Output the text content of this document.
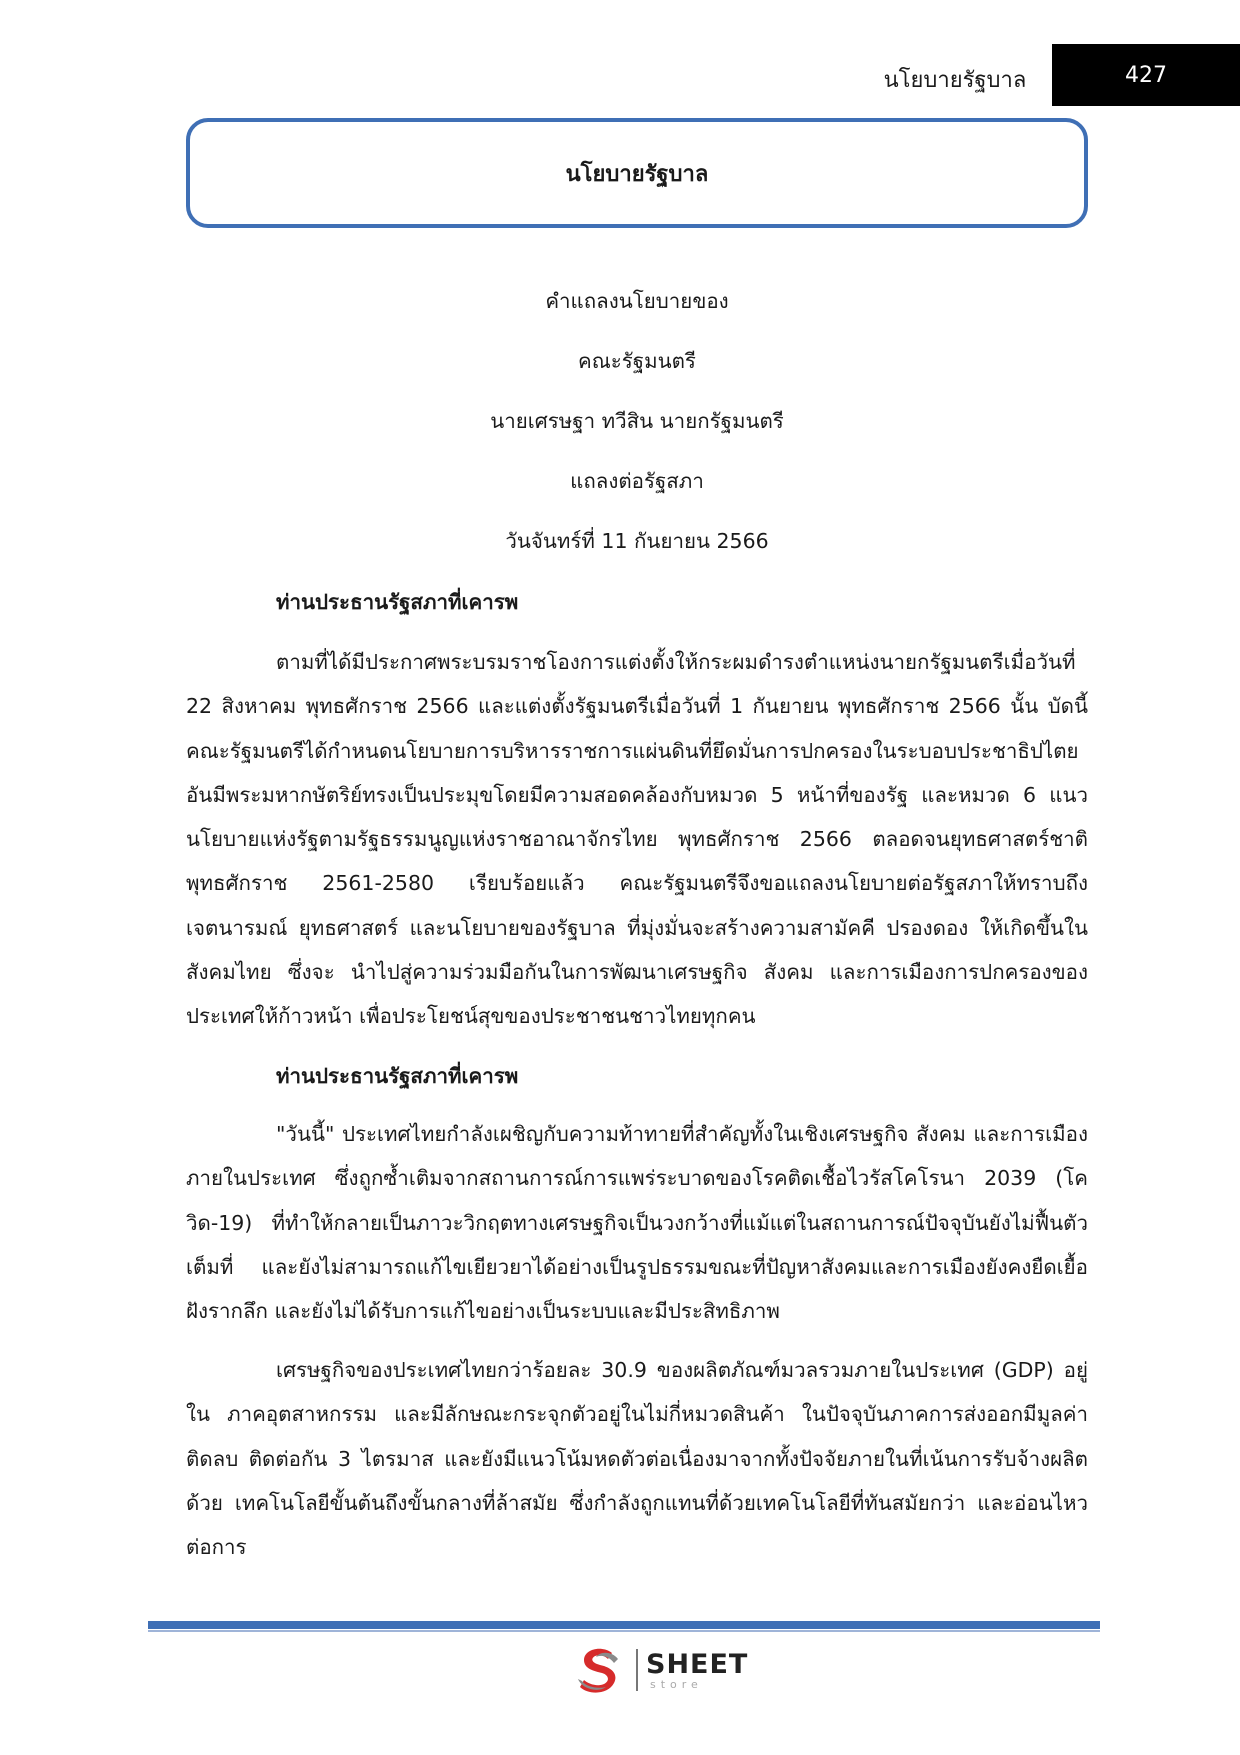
นโยบายรัฐบาล	427
นโยบายรัฐบาล
คำแถลงนโยบายของ
คณะรัฐมนตรี
นายเศรษฐา ทวีสิน นายกรัฐมนตรี
แถลงต่อรัฐสภา
วันจันทร์ที่ 11 กันยายน 2566
ท่านประธานรัฐสภาที่เคารพ

ตามที่ได้มีประกาศพระบรมราชโองการแต่งตั้งให้กระผมดำรงตำแหน่งนายกรัฐมนตรีเมื่อวันที่ 22 สิงหาคม พุทธศักราช 2566 และแต่งตั้งรัฐมนตรีเมื่อวันที่ 1 กันยายน พุทธศักราช 2566 นั้น บัดนี้ คณะรัฐมนตรีได้กำหนดนโยบายการบริหารราชการแผ่นดินที่ยึดมั่นการปกครองในระบอบประชาธิปไตย อันมีพระมหากษัตริย์ทรงเป็นประมุขโดยมีความสอดคล้องกับหมวด 5 หน้าที่ของรัฐ และหมวด 6 แนวนโยบายแห่งรัฐตามรัฐธรรมนูญแห่งราชอาณาจักรไทย พุทธศักราช 2566 ตลอดจนยุทธศาสตร์ชาติ พุทธศักราช 2561-2580 เรียบร้อยแล้ว คณะรัฐมนตรีจึงขอแถลงนโยบายต่อรัฐสภาให้ทราบถึงเจตนารมณ์ ยุทธศาสตร์ และนโยบายของรัฐบาล ที่มุ่งมั่นจะสร้างความสามัคคี ปรองดอง ให้เกิดขึ้นในสังคมไทย ซึ่งจะ นำไปสู่ความร่วมมือกันในการพัฒนาเศรษฐกิจ สังคม และการเมืองการปกครองของประเทศให้ก้าวหน้า เพื่อประโยชน์สุขของประชาชนชาวไทยทุกคน

ท่านประธานรัฐสภาที่เคารพ

"วันนี้" ประเทศไทยกำลังเผชิญกับความท้าทายที่สำคัญทั้งในเชิงเศรษฐกิจ สังคม และการเมือง ภายในประเทศ ซึ่งถูกซ้ำเติมจากสถานการณ์การแพร่ระบาดของโรคติดเชื้อไวรัสโคโรนา 2039 (โควิด-19) ที่ทำให้กลายเป็นภาวะวิกฤตทางเศรษฐกิจเป็นวงกว้างที่แม้แต่ในสถานการณ์ปัจจุบันยังไม่ฟื้นตัวเต็มที่ และยังไม่สามารถแก้ไขเยียวยาได้อย่างเป็นรูปธรรมขณะที่ปัญหาสังคมและการเมืองยังคงยืดเยื้อ ฝังรากลึก และยังไม่ได้รับการแก้ไขอย่างเป็นระบบและมีประสิทธิภาพ

เศรษฐกิจของประเทศไทยกว่าร้อยละ 30.9 ของผลิตภัณฑ์มวลรวมภายในประเทศ (GDP) อยู่ใน ภาคอุตสาหกรรม และมีลักษณะกระจุกตัวอยู่ในไม่กี่หมวดสินค้า ในปัจจุบันภาคการส่งออกมีมูลค่าติดลบ ติดต่อกัน 3 ไตรมาส และยังมีแนวโน้มหดตัวต่อเนื่องมาจากทั้งปัจจัยภายในที่เน้นการรับจ้างผลิตด้วย เทคโนโลยีขั้นต้นถึงขั้นกลางที่ล้าสมัย ซึ่งกำลังถูกแทนที่ด้วยเทคโนโลยีที่ทันสมัยกว่า และอ่อนไหวต่อการ

SHEET
store
